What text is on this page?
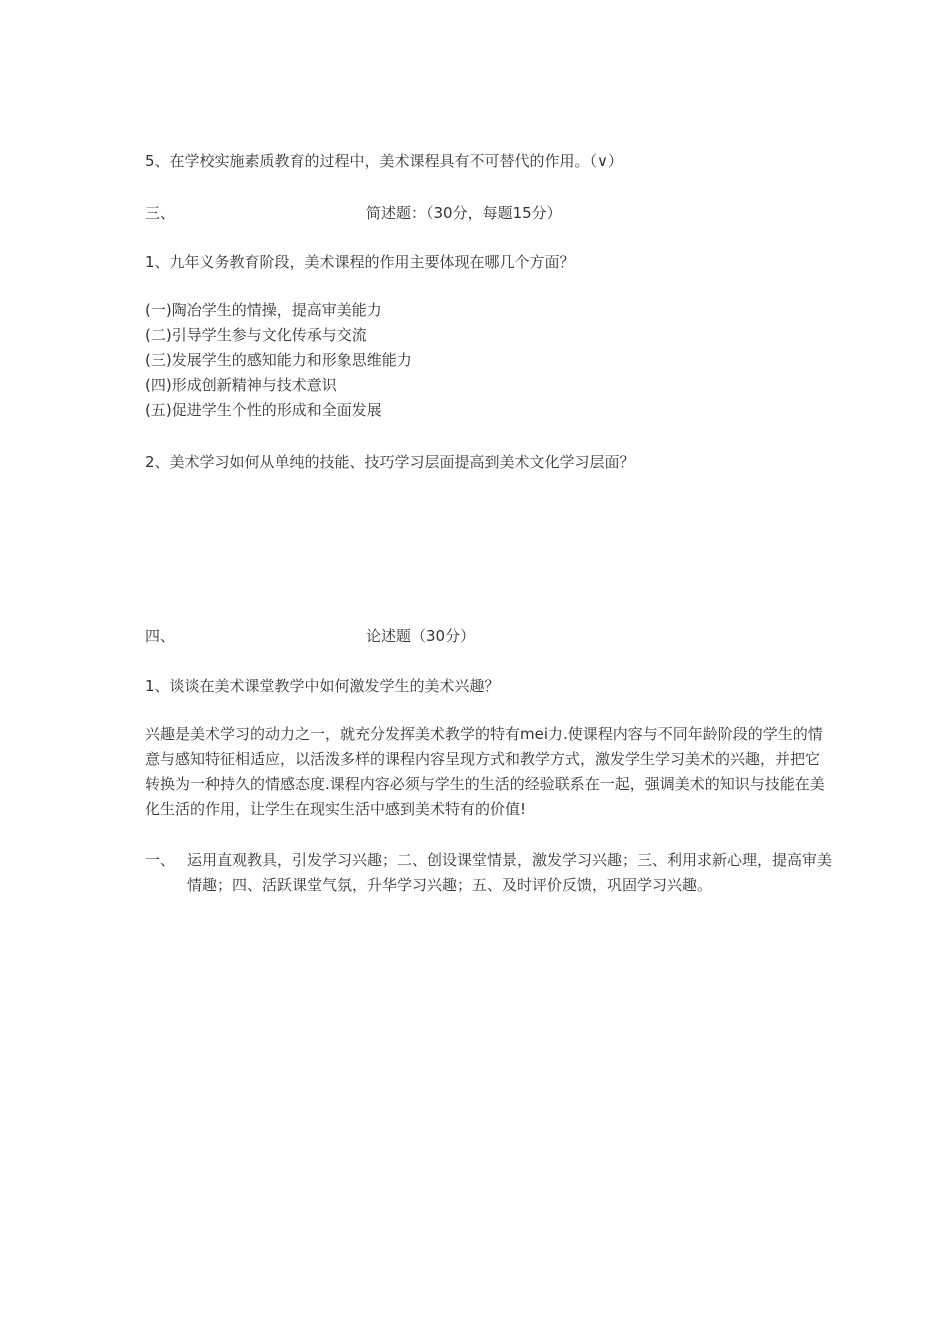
5、在学校实施素质教育的过程中，美术课程具有不可替代的作用。（∨）
三、	简述题：（30分，每题15分）
1、九年义务教育阶段，美术课程的作用主要体现在哪几个方面？
(一)陶冶学生的情操，提高审美能力
(二)引导学生参与文化传承与交流
(三)发展学生的感知能力和形象思维能力
(四)形成创新精神与技术意识
(五)促进学生个性的形成和全面发展
2、美术学习如何从单纯的技能、技巧学习层面提高到美术文化学习层面？
四、	论述题（30分）
1、谈谈在美术课堂教学中如何激发学生的美术兴趣？
兴趣是美术学习的动力之一，就充分发挥美术教学的特有mei力.使课程内容与不同年龄阶段的学生的情意与感知特征相适应，以活泼多样的课程内容呈现方式和教学方式，激发学生学习美术的兴趣，并把它转换为一种持久的情感态度.课程内容必须与学生的生活的经验联系在一起，强调美术的知识与技能在美化生活的作用，让学生在现实生活中感到美术特有的价值!
一、 运用直观教具，引发学习兴趣；二、创设课堂情景，激发学习兴趣；三、利用求新心理，提高审美情趣；四、活跃课堂气氛，升华学习兴趣；五、及时评价反馈，巩固学习兴趣。
